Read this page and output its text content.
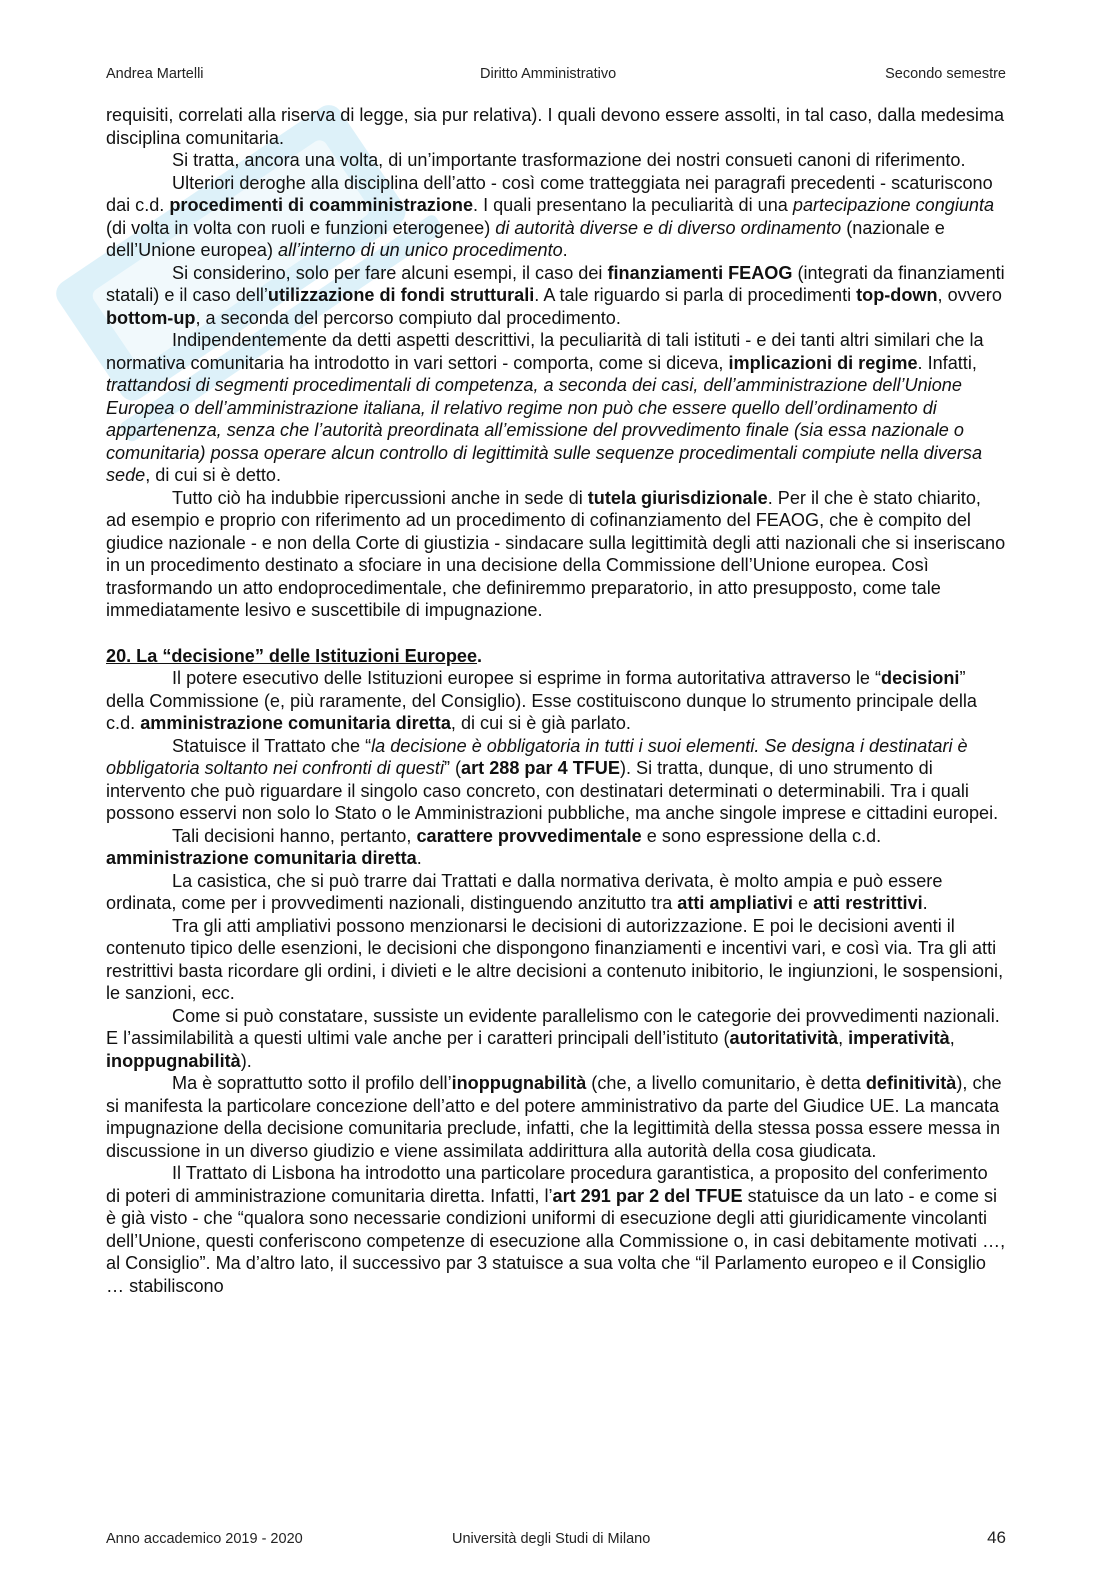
Andrea Martelli	Diritto Amministrativo	Secondo semestre

requisiti, correlati alla riserva di legge, sia pur relativa). I quali devono essere assolti, in tal caso, dalla medesima disciplina comunitaria.

Si tratta, ancora una volta, di un’importante trasformazione dei nostri consueti canoni di riferimento.

Ulteriori deroghe alla disciplina dell’atto - così come tratteggiata nei paragrafi precedenti - scaturiscono dai c.d. procedimenti di coamministrazione. I quali presentano la peculiarità di una partecipazione congiunta (di volta in volta con ruoli e funzioni eterogenee) di autorità diverse e di diverso ordinamento (nazionale e dell’Unione europea) all’interno di un unico procedimento.

Si considerino, solo per fare alcuni esempi, il caso dei finanziamenti FEAOG (integrati da finanziamenti statali) e il caso dell’utilizzazione di fondi strutturali. A tale riguardo si parla di procedimenti top-down, ovvero bottom-up, a seconda del percorso compiuto dal procedimento.

Indipendentemente da detti aspetti descrittivi, la peculiarità di tali istituti - e dei tanti altri similari che la normativa comunitaria ha introdotto in vari settori - comporta, come si diceva, implicazioni di regime. Infatti, trattandosi di segmenti procedimentali di competenza, a seconda dei casi, dell’amministrazione dell’Unione Europea o dell’amministrazione italiana, il relativo regime non può che essere quello dell’ordinamento di appartenenza, senza che l’autorità preordinata all’emissione del provvedimento finale (sia essa nazionale o comunitaria) possa operare alcun controllo di legittimità sulle sequenze procedimentali compiute nella diversa sede, di cui si è detto.

Tutto ciò ha indubbie ripercussioni anche in sede di tutela giurisdizionale. Per il che è stato chiarito, ad esempio e proprio con riferimento ad un procedimento di cofinanziamento del FEAOG, che è compito del giudice nazionale - e non della Corte di giustizia - sindacare sulla legittimità degli atti nazionali che si inseriscano in un procedimento destinato a sfociare in una decisione della Commissione dell’Unione europea. Così trasformando un atto endoprocedimentale, che definiremmo preparatorio, in atto presupposto, come tale immediatamente lesivo e suscettibile di impugnazione.

20. La “decisione” delle Istituzioni Europee.

Il potere esecutivo delle Istituzioni europee si esprime in forma autoritativa attraverso le “decisioni” della Commissione (e, più raramente, del Consiglio). Esse costituiscono dunque lo strumento principale della c.d. amministrazione comunitaria diretta, di cui si è già parlato.

Statuisce il Trattato che “la decisione è obbligatoria in tutti i suoi elementi. Se designa i destinatari è obbligatoria soltanto nei confronti di questi” (art 288 par 4 TFUE). Si tratta, dunque, di uno strumento di intervento che può riguardare il singolo caso concreto, con destinatari determinati o determinabili. Tra i quali possono esservi non solo lo Stato o le Amministrazioni pubbliche, ma anche singole imprese e cittadini europei.

Tali decisioni hanno, pertanto, carattere provvedimentale e sono espressione della c.d. amministrazione comunitaria diretta.

La casistica, che si può trarre dai Trattati e dalla normativa derivata, è molto ampia e può essere ordinata, come per i provvedimenti nazionali, distinguendo anzitutto tra atti ampliativi e atti restrittivi.

Tra gli atti ampliativi possono menzionarsi le decisioni di autorizzazione. E poi le decisioni aventi il contenuto tipico delle esenzioni, le decisioni che dispongono finanziamenti e incentivi vari, e così via. Tra gli atti restrittivi basta ricordare gli ordini, i divieti e le altre decisioni a contenuto inibitorio, le ingiunzioni, le sospensioni, le sanzioni, ecc.

Come si può constatare, sussiste un evidente parallelismo con le categorie dei provvedimenti nazionali. E l’assimilabilità a questi ultimi vale anche per i caratteri principali dell’istituto (autoritatività, imperatività, inoppugnabilità).

Ma è soprattutto sotto il profilo dell’inoppugnabilità (che, a livello comunitario, è detta definitività), che si manifesta la particolare concezione dell’atto e del potere amministrativo da parte del Giudice UE. La mancata impugnazione della decisione comunitaria preclude, infatti, che la legittimità della stessa possa essere messa in discussione in un diverso giudizio e viene assimilata addirittura alla autorità della cosa giudicata.

Il Trattato di Lisbona ha introdotto una particolare procedura garantistica, a proposito del conferimento di poteri di amministrazione comunitaria diretta. Infatti, l’art 291 par 2 del TFUE statuisce da un lato - e come si è già visto - che “qualora sono necessarie condizioni uniformi di esecuzione degli atti giuridicamente vincolanti dell’Unione, questi conferiscono competenze di esecuzione alla Commissione o, in casi debitamente motivati …, al Consiglio”. Ma d’altro lato, il successivo par 3 statuisce a sua volta che “il Parlamento europeo e il Consiglio … stabiliscono

Anno accademico 2019 - 2020	Università degli Studi di Milano	46
